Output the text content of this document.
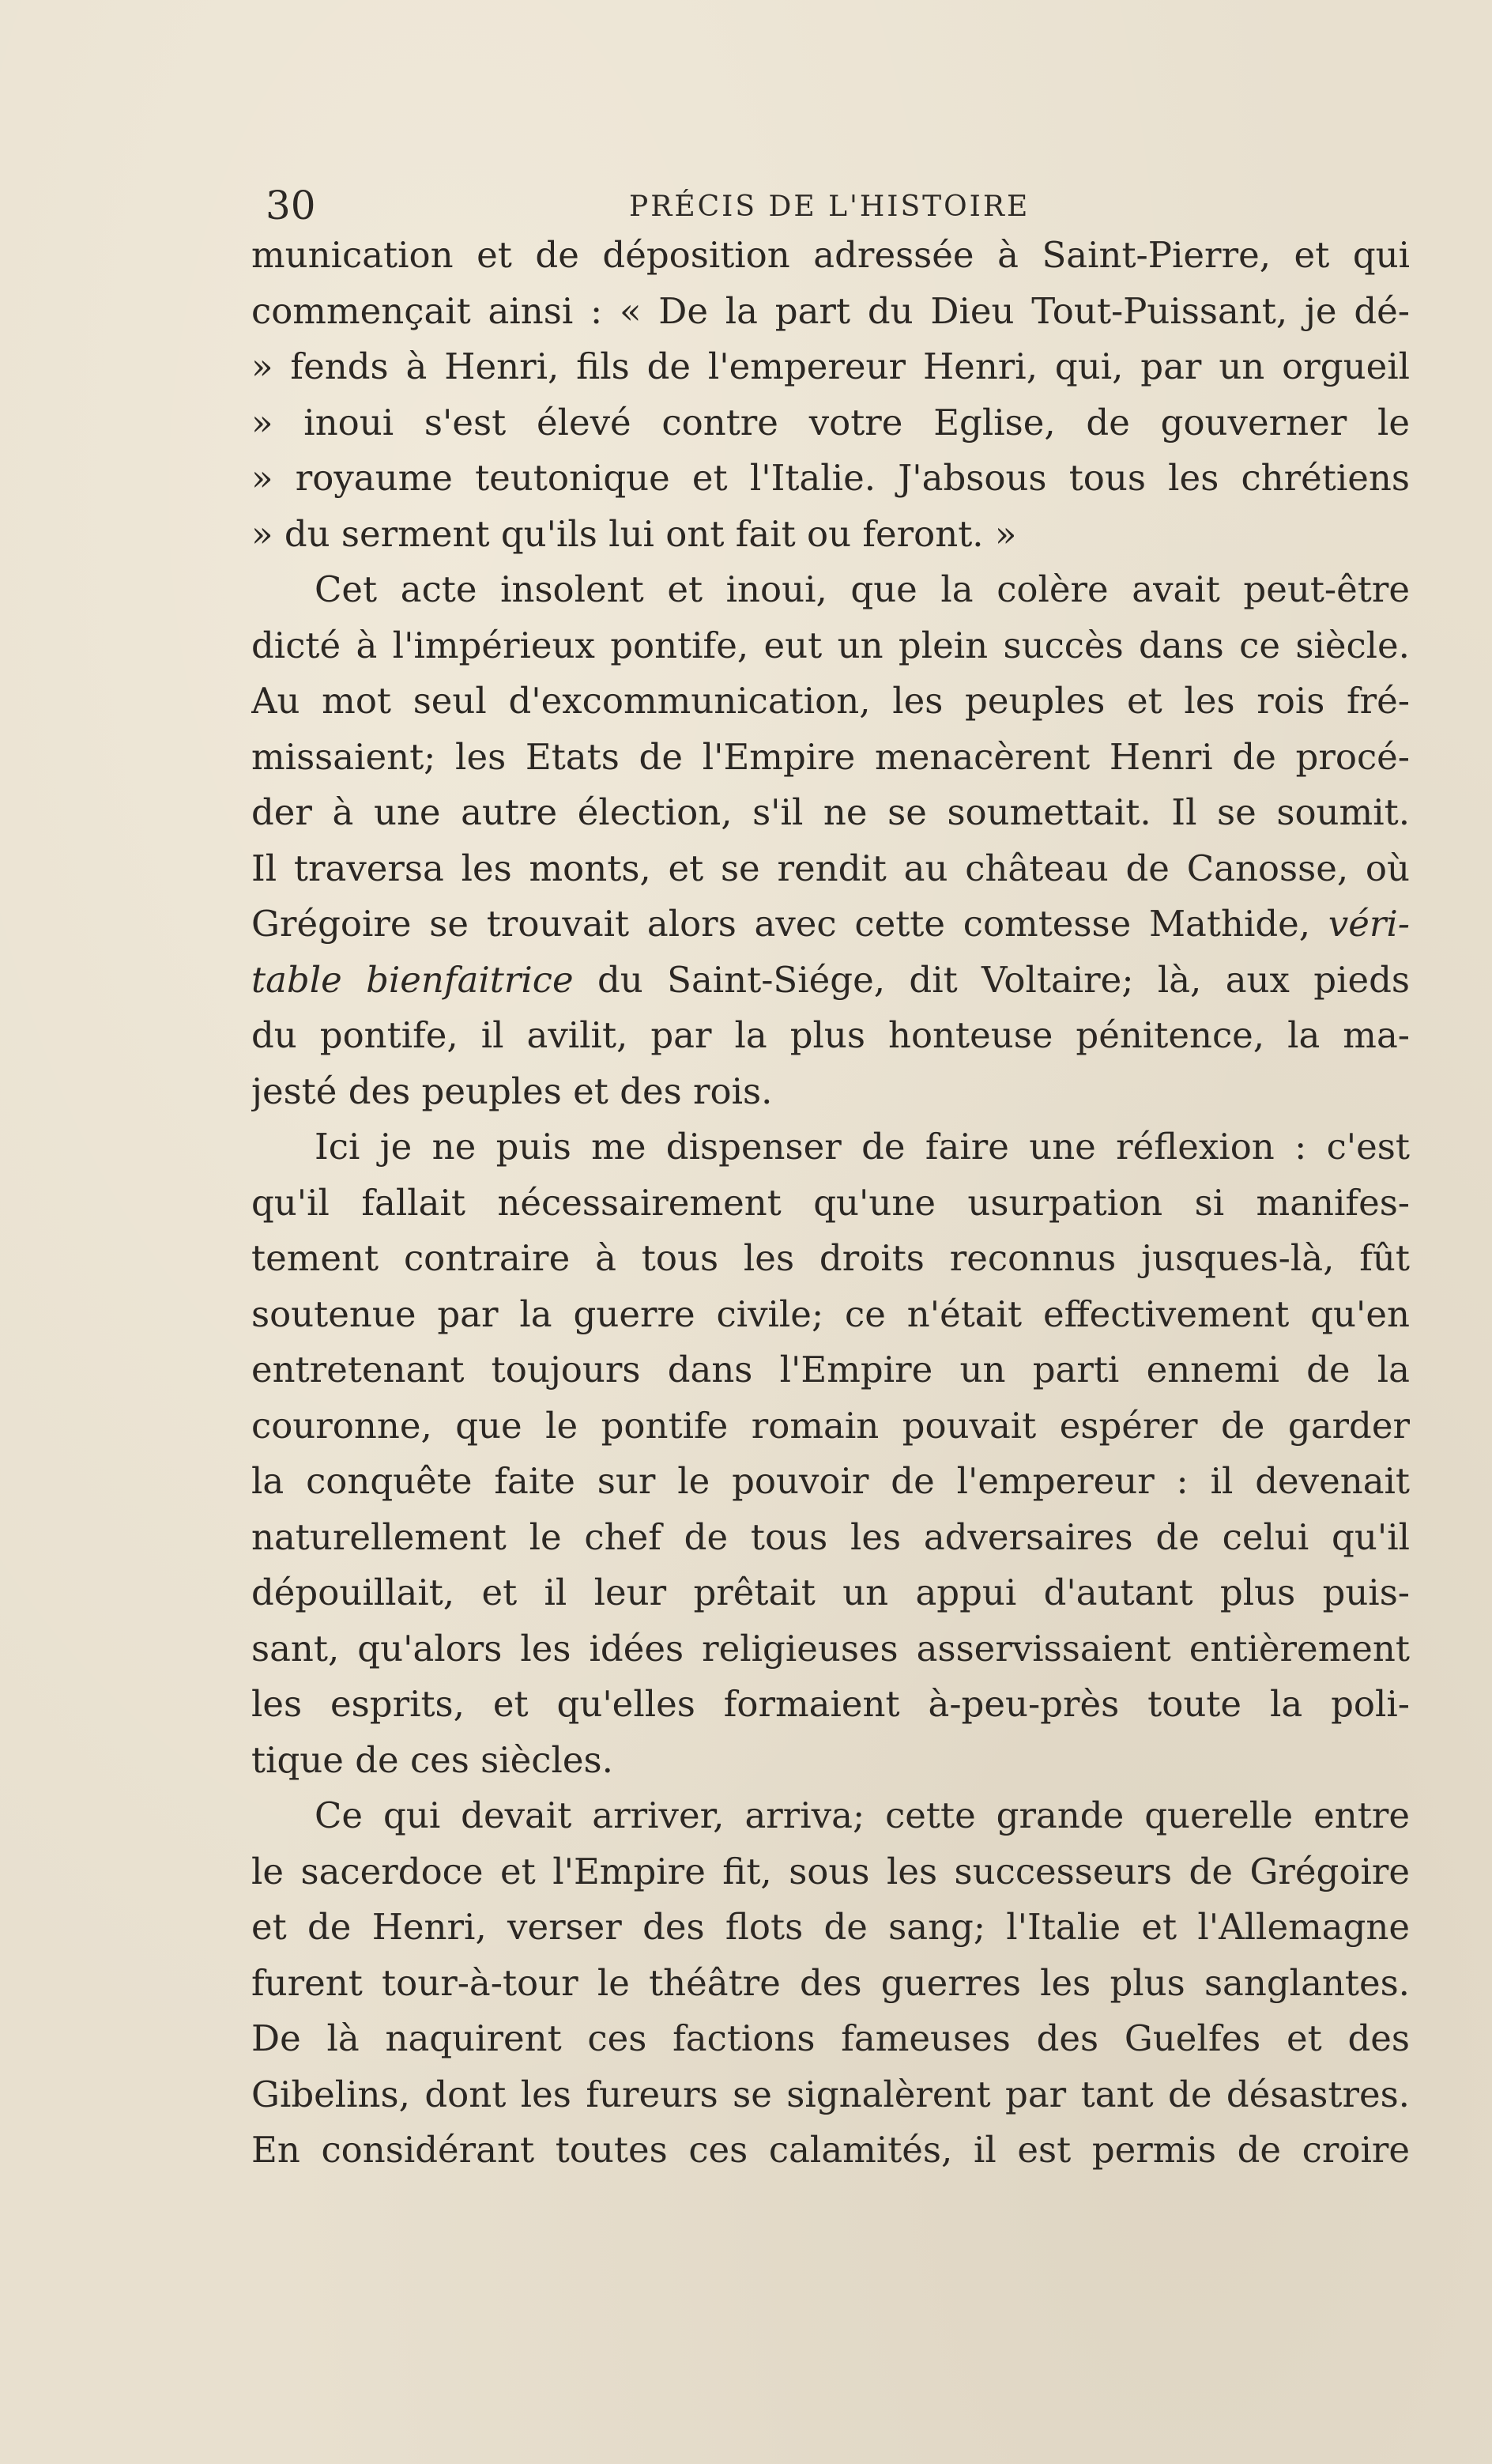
30	PRÉCIS DE L'HISTOIRE
munication et de déposition adressée à Saint-Pierre, et qui
commençait ainsi : « De la part du Dieu Tout-Puissant, je dé-
» fends à Henri, fils de l'empereur Henri, qui, par un orgueil
» inoui s'est élevé contre votre Eglise, de gouverner le
» royaume teutonique et l'Italie. J'absous tous les chrétiens
» du serment qu'ils lui ont fait ou feront. »
Cet acte insolent et inoui, que la colère avait peut-être
dicté à l'impérieux pontife, eut un plein succès dans ce siècle.
Au mot seul d'excommunication, les peuples et les rois fré-
missaient; les Etats de l'Empire menacèrent Henri de procé-
der à une autre élection, s'il ne se soumettait. Il se soumit.
Il traversa les monts, et se rendit au château de Canosse, où
Grégoire se trouvait alors avec cette comtesse Mathide, véri-
table bienfaitrice du Saint-Siége, dit Voltaire; là, aux pieds
du pontife, il avilit, par la plus honteuse pénitence, la ma-
jesté des peuples et des rois.
Ici je ne puis me dispenser de faire une réflexion : c'est
qu'il fallait nécessairement qu'une usurpation si manifes-
tement contraire à tous les droits reconnus jusques-là, fût
soutenue par la guerre civile; ce n'était effectivement qu'en
entretenant toujours dans l'Empire un parti ennemi de la
couronne, que le pontife romain pouvait espérer de garder
la conquête faite sur le pouvoir de l'empereur : il devenait
naturellement le chef de tous les adversaires de celui qu'il
dépouillait, et il leur prêtait un appui d'autant plus puis-
sant, qu'alors les idées religieuses asservissaient entièrement
les esprits, et qu'elles formaient à-peu-près toute la poli-
tique de ces siècles.
Ce qui devait arriver, arriva; cette grande querelle entre
le sacerdoce et l'Empire fit, sous les successeurs de Grégoire
et de Henri, verser des flots de sang; l'Italie et l'Allemagne
furent tour-à-tour le théâtre des guerres les plus sanglantes.
De là naquirent ces factions fameuses des Guelfes et des
Gibelins, dont les fureurs se signalèrent par tant de désastres.
En considérant toutes ces calamités, il est permis de croire
